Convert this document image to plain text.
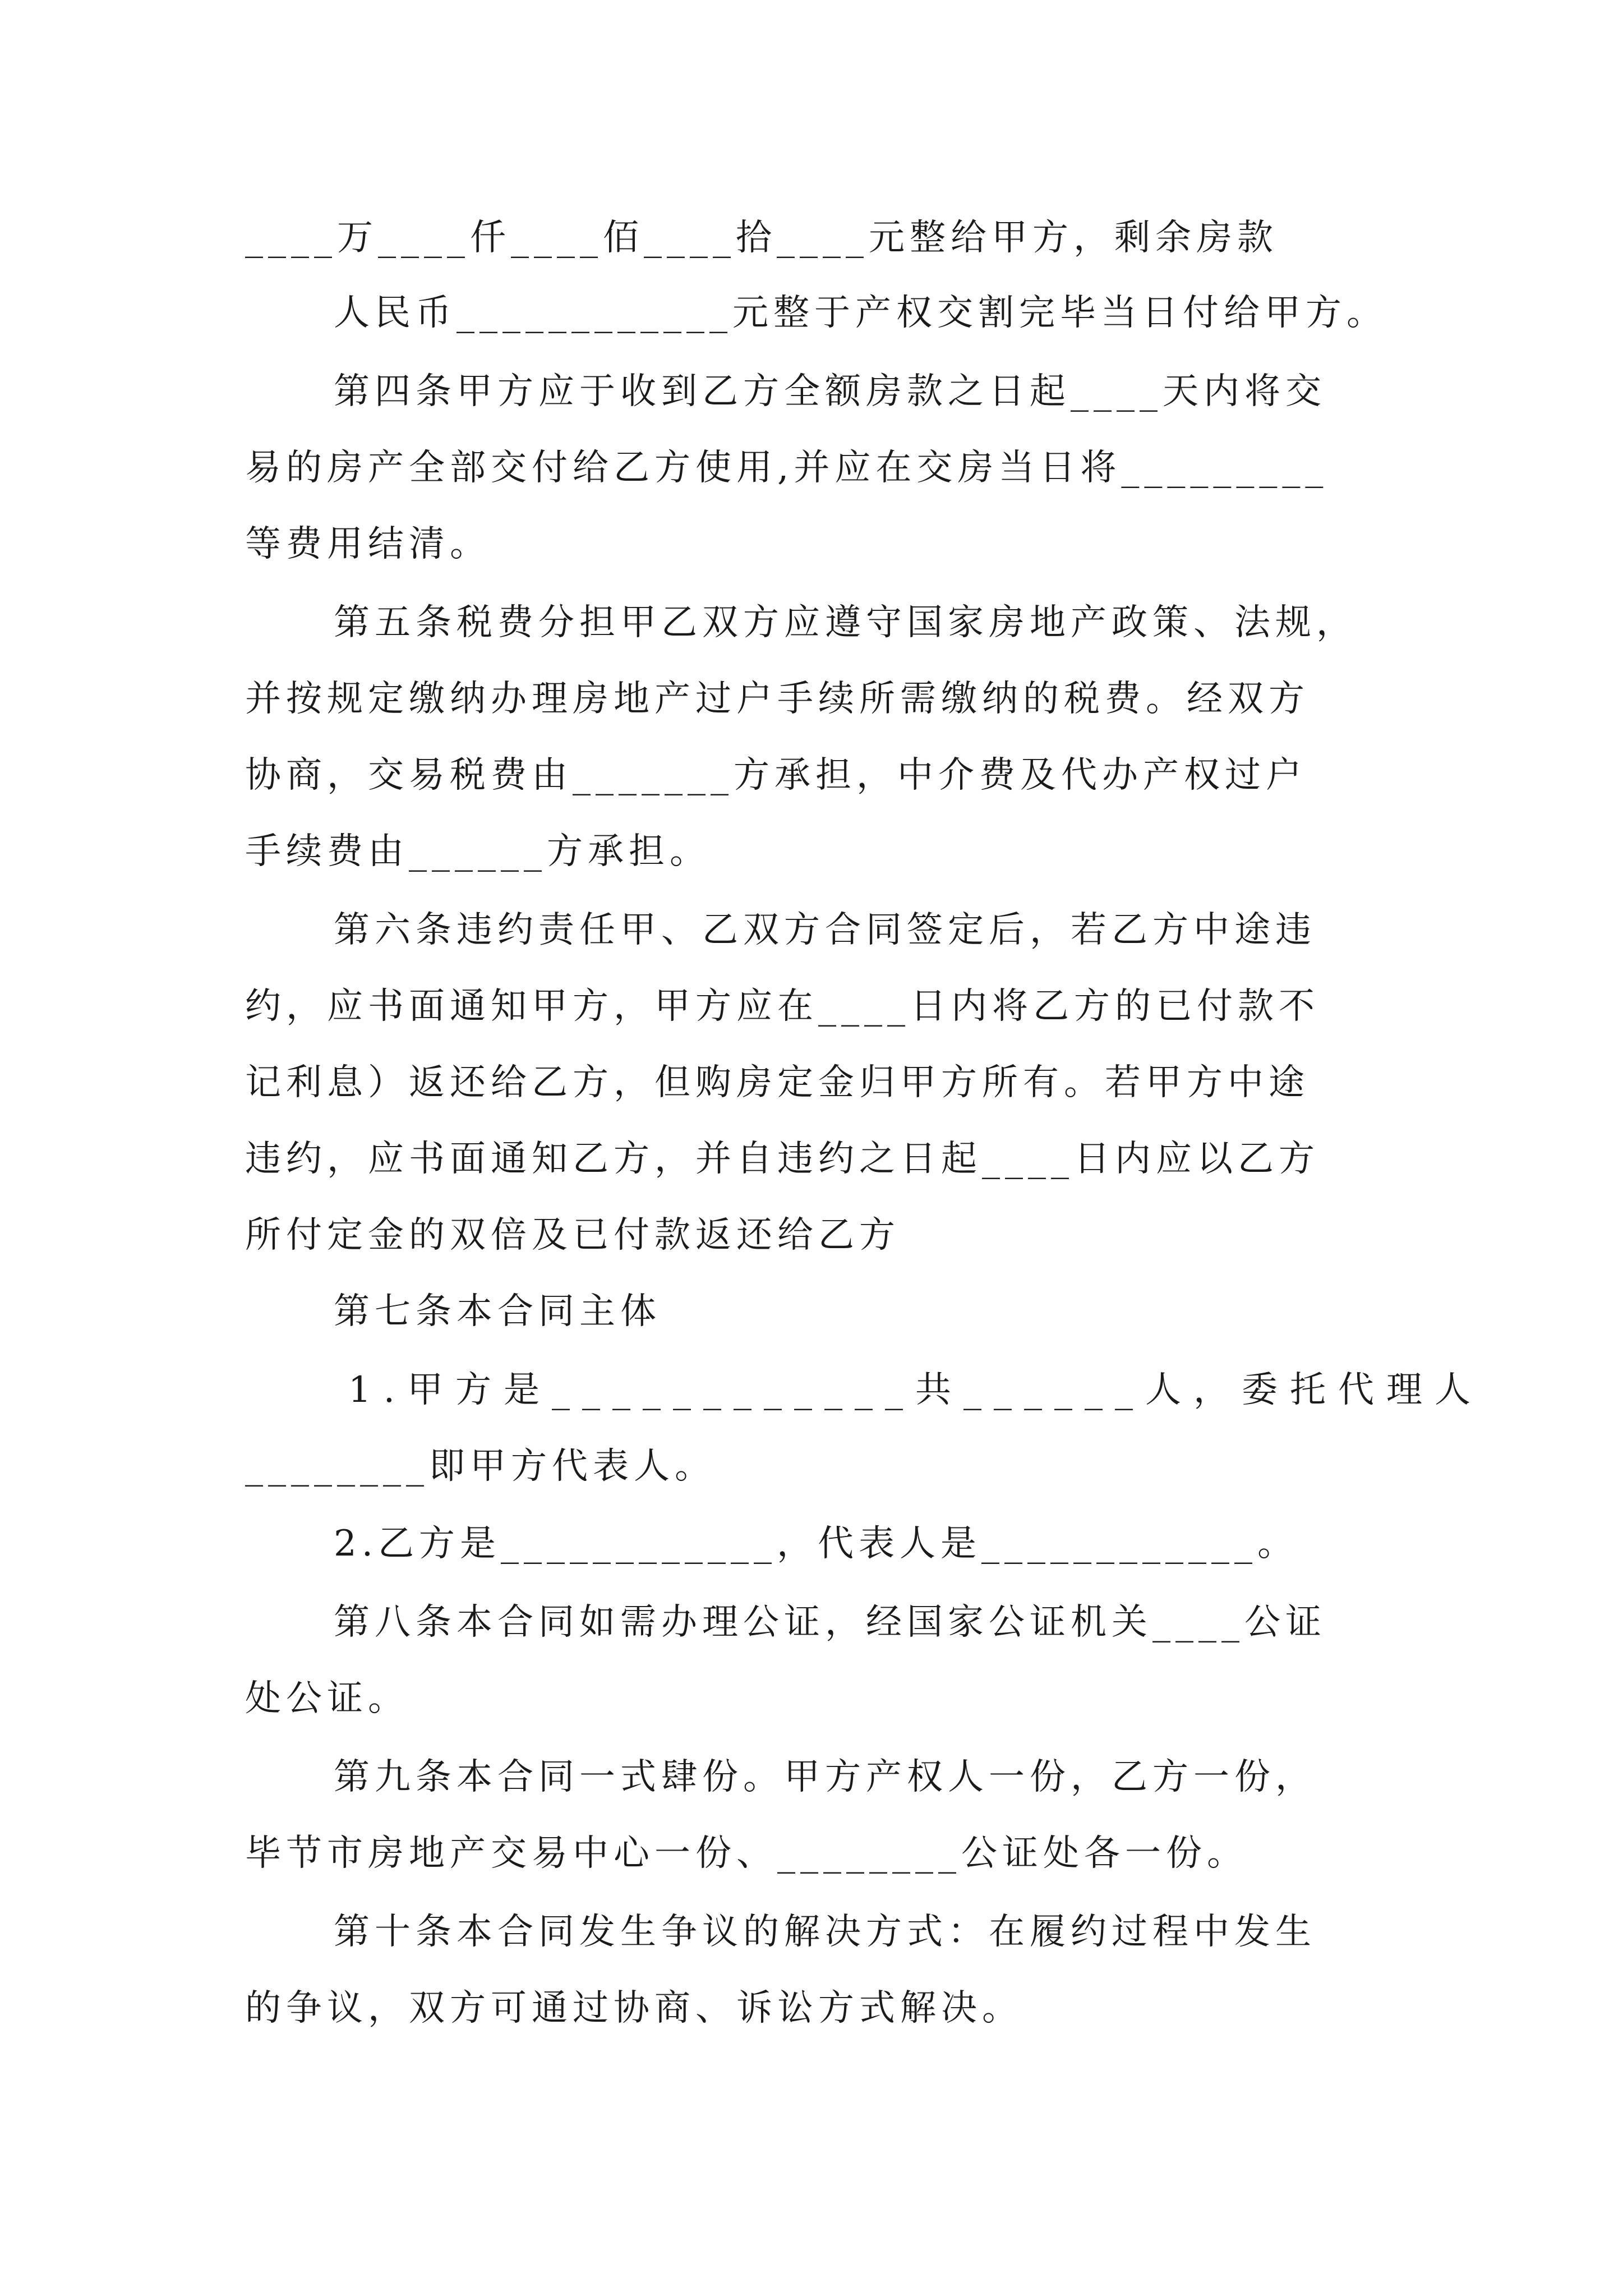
____万____仟____佰____拾____元整给甲方，剩余房款
人民币____________元整于产权交割完毕当日付给甲方。
第四条甲方应于收到乙方全额房款之日起____天内将交
易的房产全部交付给乙方使用,并应在交房当日将_________
等费用结清。
第五条税费分担甲乙双方应遵守国家房地产政策、法规，
并按规定缴纳办理房地产过户手续所需缴纳的税费。经双方
协商，交易税费由_______方承担，中介费及代办产权过户
手续费由______方承担。
第六条违约责任甲、乙双方合同签定后，若乙方中途违
约，应书面通知甲方，甲方应在____日内将乙方的已付款不
记利息）返还给乙方，但购房定金归甲方所有。若甲方中途
违约，应书面通知乙方，并自违约之日起____日内应以乙方
所付定金的双倍及已付款返还给乙方
第七条本合同主体
1.甲方是____________共______人，委托代理人
________即甲方代表人。
2.乙方是____________，代表人是____________。
第八条本合同如需办理公证，经国家公证机关____公证
处公证。
第九条本合同一式肆份。甲方产权人一份，乙方一份，
毕节市房地产交易中心一份、________公证处各一份。
第十条本合同发生争议的解决方式：在履约过程中发生
的争议，双方可通过协商、诉讼方式解决。
